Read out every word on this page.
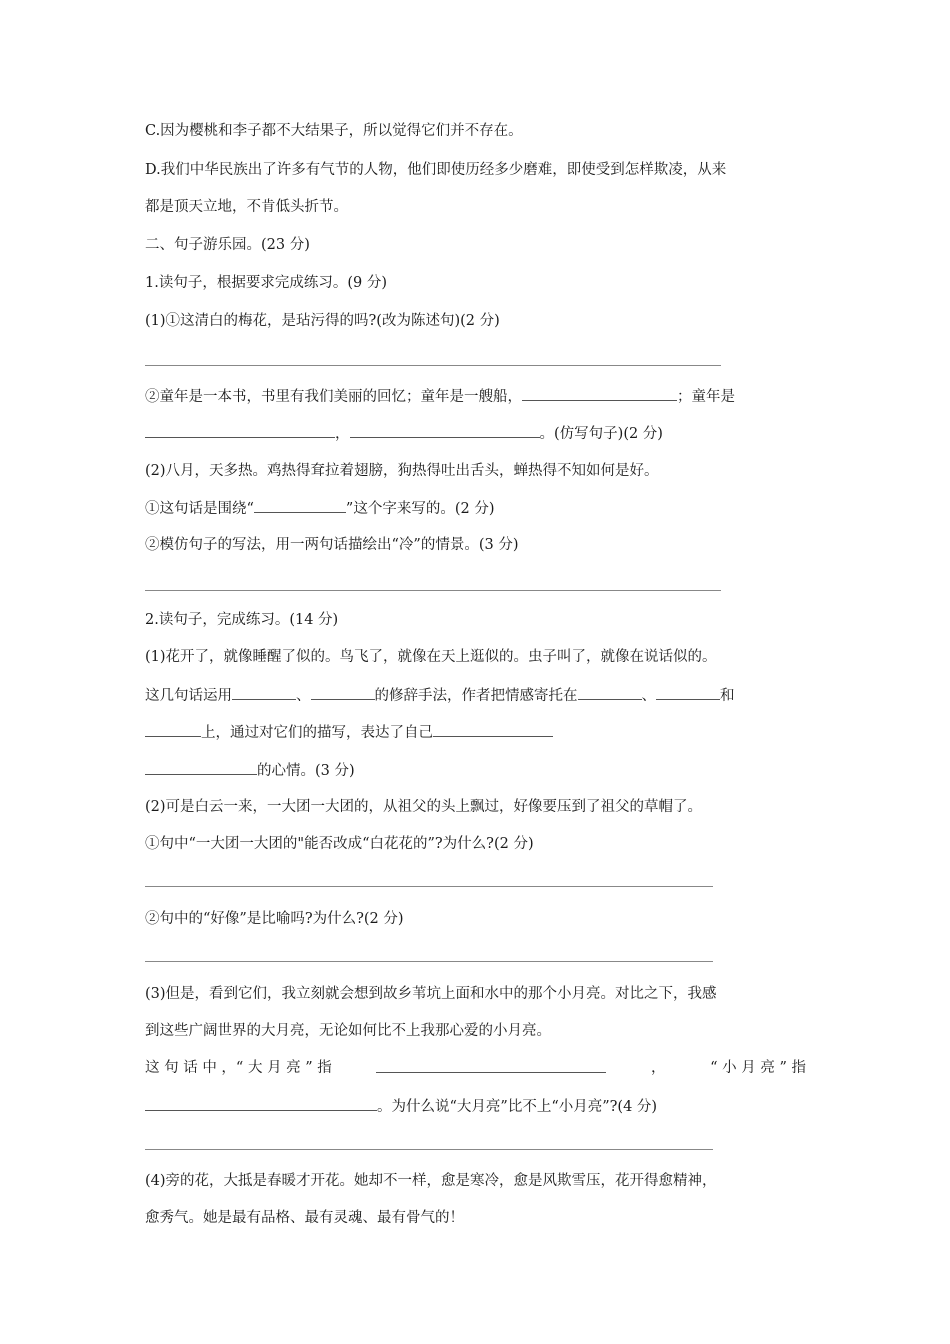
C.因为樱桃和李子都不大结果子，所以觉得它们并不存在。

D.我们中华民族出了许多有气节的人物，他们即使历经多少磨难，即使受到怎样欺凌，从来

都是顶天立地，不肯低头折节。

二、句子游乐园。(23 分)

1.读句子，根据要求完成练习。(9 分)

(1)①这清白的梅花，是玷污得的吗?(改为陈述句)(2 分)

②童年是一本书，书里有我们美丽的回忆；童年是一艘船，	；童年是

，	。(仿写句子)(2 分)

(2)八月，天多热。鸡热得耷拉着翅膀，狗热得吐出舌头，蝉热得不知如何是好。

①这句话是围绕“	”这个字来写的。(2 分)

②模仿句子的写法，用一两句话描绘出“冷”的情景。(3 分)

2.读句子，完成练习。(14 分)

(1)花开了，就像睡醒了似的。鸟飞了，就像在天上逛似的。虫子叫了，就像在说话似的。

这几句话运用	、	的修辞手法，作者把情感寄托在	、	和

上，通过对它们的描写，表达了自己

的心情。(3 分)

(2)可是白云一来，一大团一大团的，从祖父的头上飘过，好像要压到了祖父的草帽了。

①句中“一大团一大团的"能否改成“白花花的”?为什么?(2 分)

②句中的“好像”是比喻吗?为什么?(2 分)

(3)但是，看到它们，我立刻就会想到故乡苇坑上面和水中的那个小月亮。对比之下，我感

到这些广阔世界的大月亮，无论如何比不上我那心爱的小月亮。

这 句 话 中 ，“ 大 月 亮 ” 指	，	“ 小 月 亮 ” 指

。为什么说“大月亮”比不上“小月亮”?(4 分)

(4)旁的花，大抵是春暖才开花。她却不一样，愈是寒冷，愈是风欺雪压，花开得愈精神，

愈秀气。她是最有品格、最有灵魂、最有骨气的！
